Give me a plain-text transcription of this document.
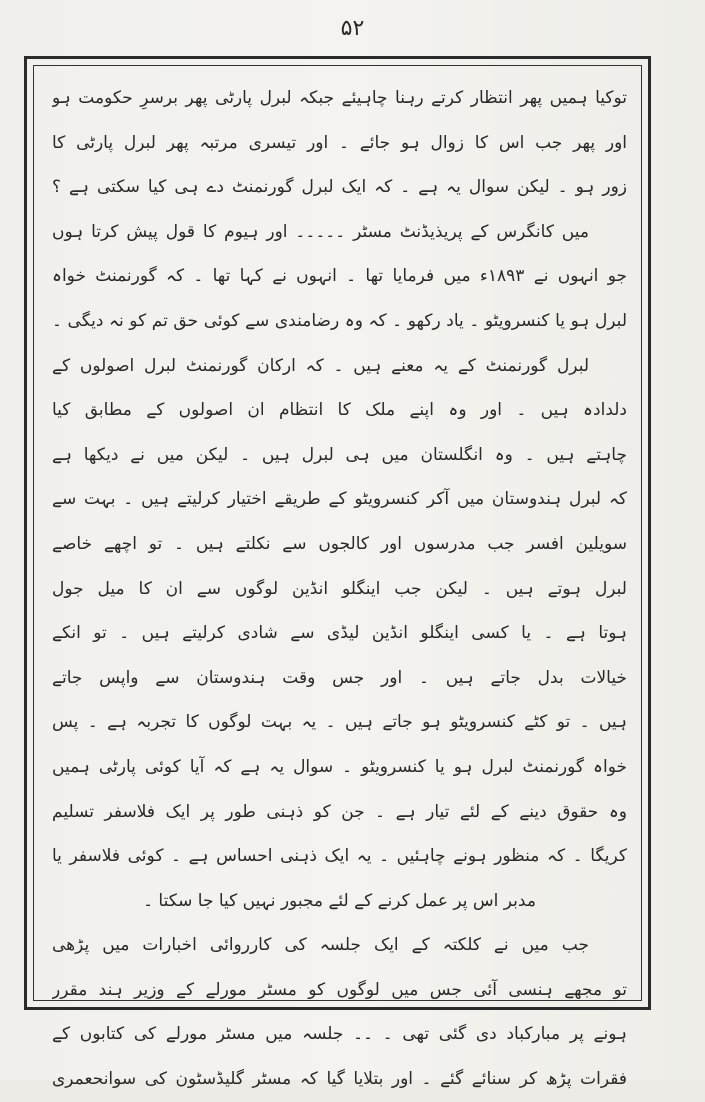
۵۲
توکیا ہمیں پھر انتظار کرتے رہنا چاہیئے جبکہ لبرل پارٹی پھر برسرِ حکومت ہو
اور پھر جب اس کا زوال ہو جائے ۔ اور تیسری مرتبہ پھر لبرل پارٹی کا
زور ہو ۔ لیکن سوال یہ ہے ۔ کہ ایک لبرل گورنمنٹ دے ہی کیا سکتی ہے ؟
میں کانگرس کے پریذیڈنٹ مسٹر ۔۔۔۔۔ اور ہیوم کا قول پیش کرتا ہوں
جو انہوں نے ۱۸۹۳ء میں فرمایا تھا ۔ انہوں نے کہا تھا ۔ کہ گورنمنٹ خواہ
لبرل ہو یا کنسرویٹو ۔ یاد رکھو ۔ کہ وہ رضامندی سے کوئی حق تم کو نہ دیگی ۔
لبرل گورنمنٹ کے یہ معنے ہیں ۔ کہ ارکان گورنمنٹ لبرل اصولوں کے
دلدادہ ہیں ۔ اور وہ اپنے ملک کا انتظام ان اصولوں کے مطابق کیا
چاہتے ہیں ۔ وہ انگلستان میں ہی لبرل ہیں ۔ لیکن میں نے دیکھا ہے
کہ لبرل ہندوستان میں آکر کنسرویٹو کے طریقے اختیار کرلیتے ہیں ۔ بہت سے
سویلین افسر جب مدرسوں اور کالجوں سے نکلتے ہیں ۔ تو اچھے خاصے
لبرل ہوتے ہیں ۔ لیکن جب اینگلو انڈین لوگوں سے ان کا میل جول
ہوتا ہے ۔ یا کسی اینگلو انڈین لیڈی سے شادی کرلیتے ہیں ۔ تو انکے
خیالات بدل جاتے ہیں ۔ اور جس وقت ہندوستان سے واپس جاتے
ہیں ۔ تو کٹے کنسرویٹو ہو جاتے ہیں ۔ یہ بہت لوگوں کا تجربہ ہے ۔ پس
خواہ گورنمنٹ لبرل ہو یا کنسرویٹو ۔ سوال یہ ہے کہ آیا کوئی پارٹی ہمیں
وہ حقوق دینے کے لئے تیار ہے ۔ جن کو ذہنی طور پر ایک فلاسفر تسلیم
کریگا ۔ کہ منظور ہونے چاہئیں ۔ یہ ایک ذہنی احساس ہے ۔ کوئی فلاسفر یا
مدبر اس پر عمل کرنے کے لئے مجبور نہیں کیا جا سکتا ۔
جب میں نے کلکتہ کے ایک جلسہ کی کارروائی اخبارات میں پڑھی
تو مجھے ہنسی آئی جس میں لوگوں کو مسٹر مورلے کے وزیر ہند مقرر
ہونے پر مبارکباد دی گئی تھی ۔ ۔۔ جلسہ میں مسٹر مورلے کی کتابوں کے
فقرات پڑھ کر سنائے گئے ۔ اور بتلایا گیا کہ مسٹر گلیڈسٹون کی سوانحعمری
